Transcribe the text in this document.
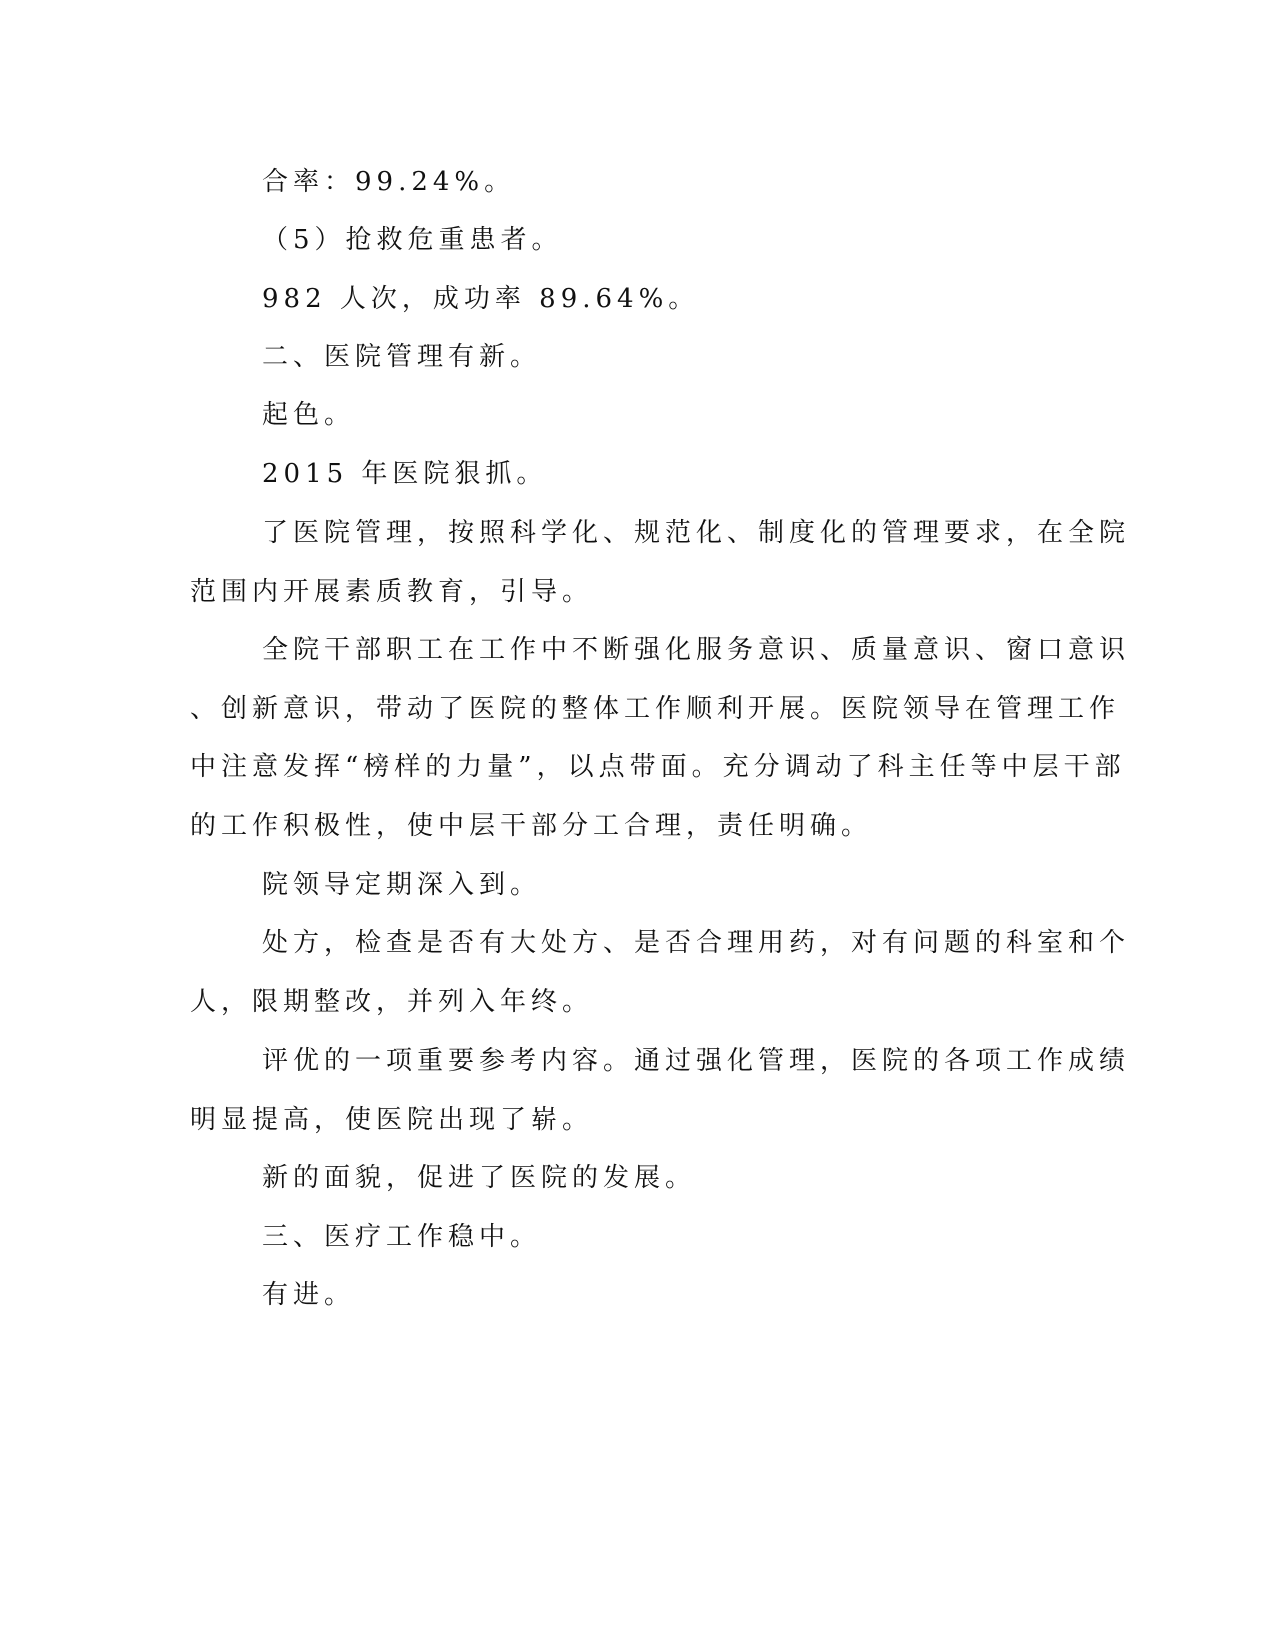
合率：99.24%。
（5）抢救危重患者。
982 人次，成功率 89.64%。
二、医院管理有新。
起色。
2015 年医院狠抓。
了医院管理，按照科学化、规范化、制度化的管理要求，在全院
范围内开展素质教育，引导。
全院干部职工在工作中不断强化服务意识、质量意识、窗口意识
、创新意识，带动了医院的整体工作顺利开展。医院领导在管理工作
中注意发挥“榜样的力量”，以点带面。充分调动了科主任等中层干部
的工作积极性，使中层干部分工合理，责任明确。
院领导定期深入到。
处方，检查是否有大处方、是否合理用药，对有问题的科室和个
人，限期整改，并列入年终。
评优的一项重要参考内容。通过强化管理，医院的各项工作成绩
明显提高，使医院出现了崭。
新的面貌，促进了医院的发展。
三、医疗工作稳中。
有进。
